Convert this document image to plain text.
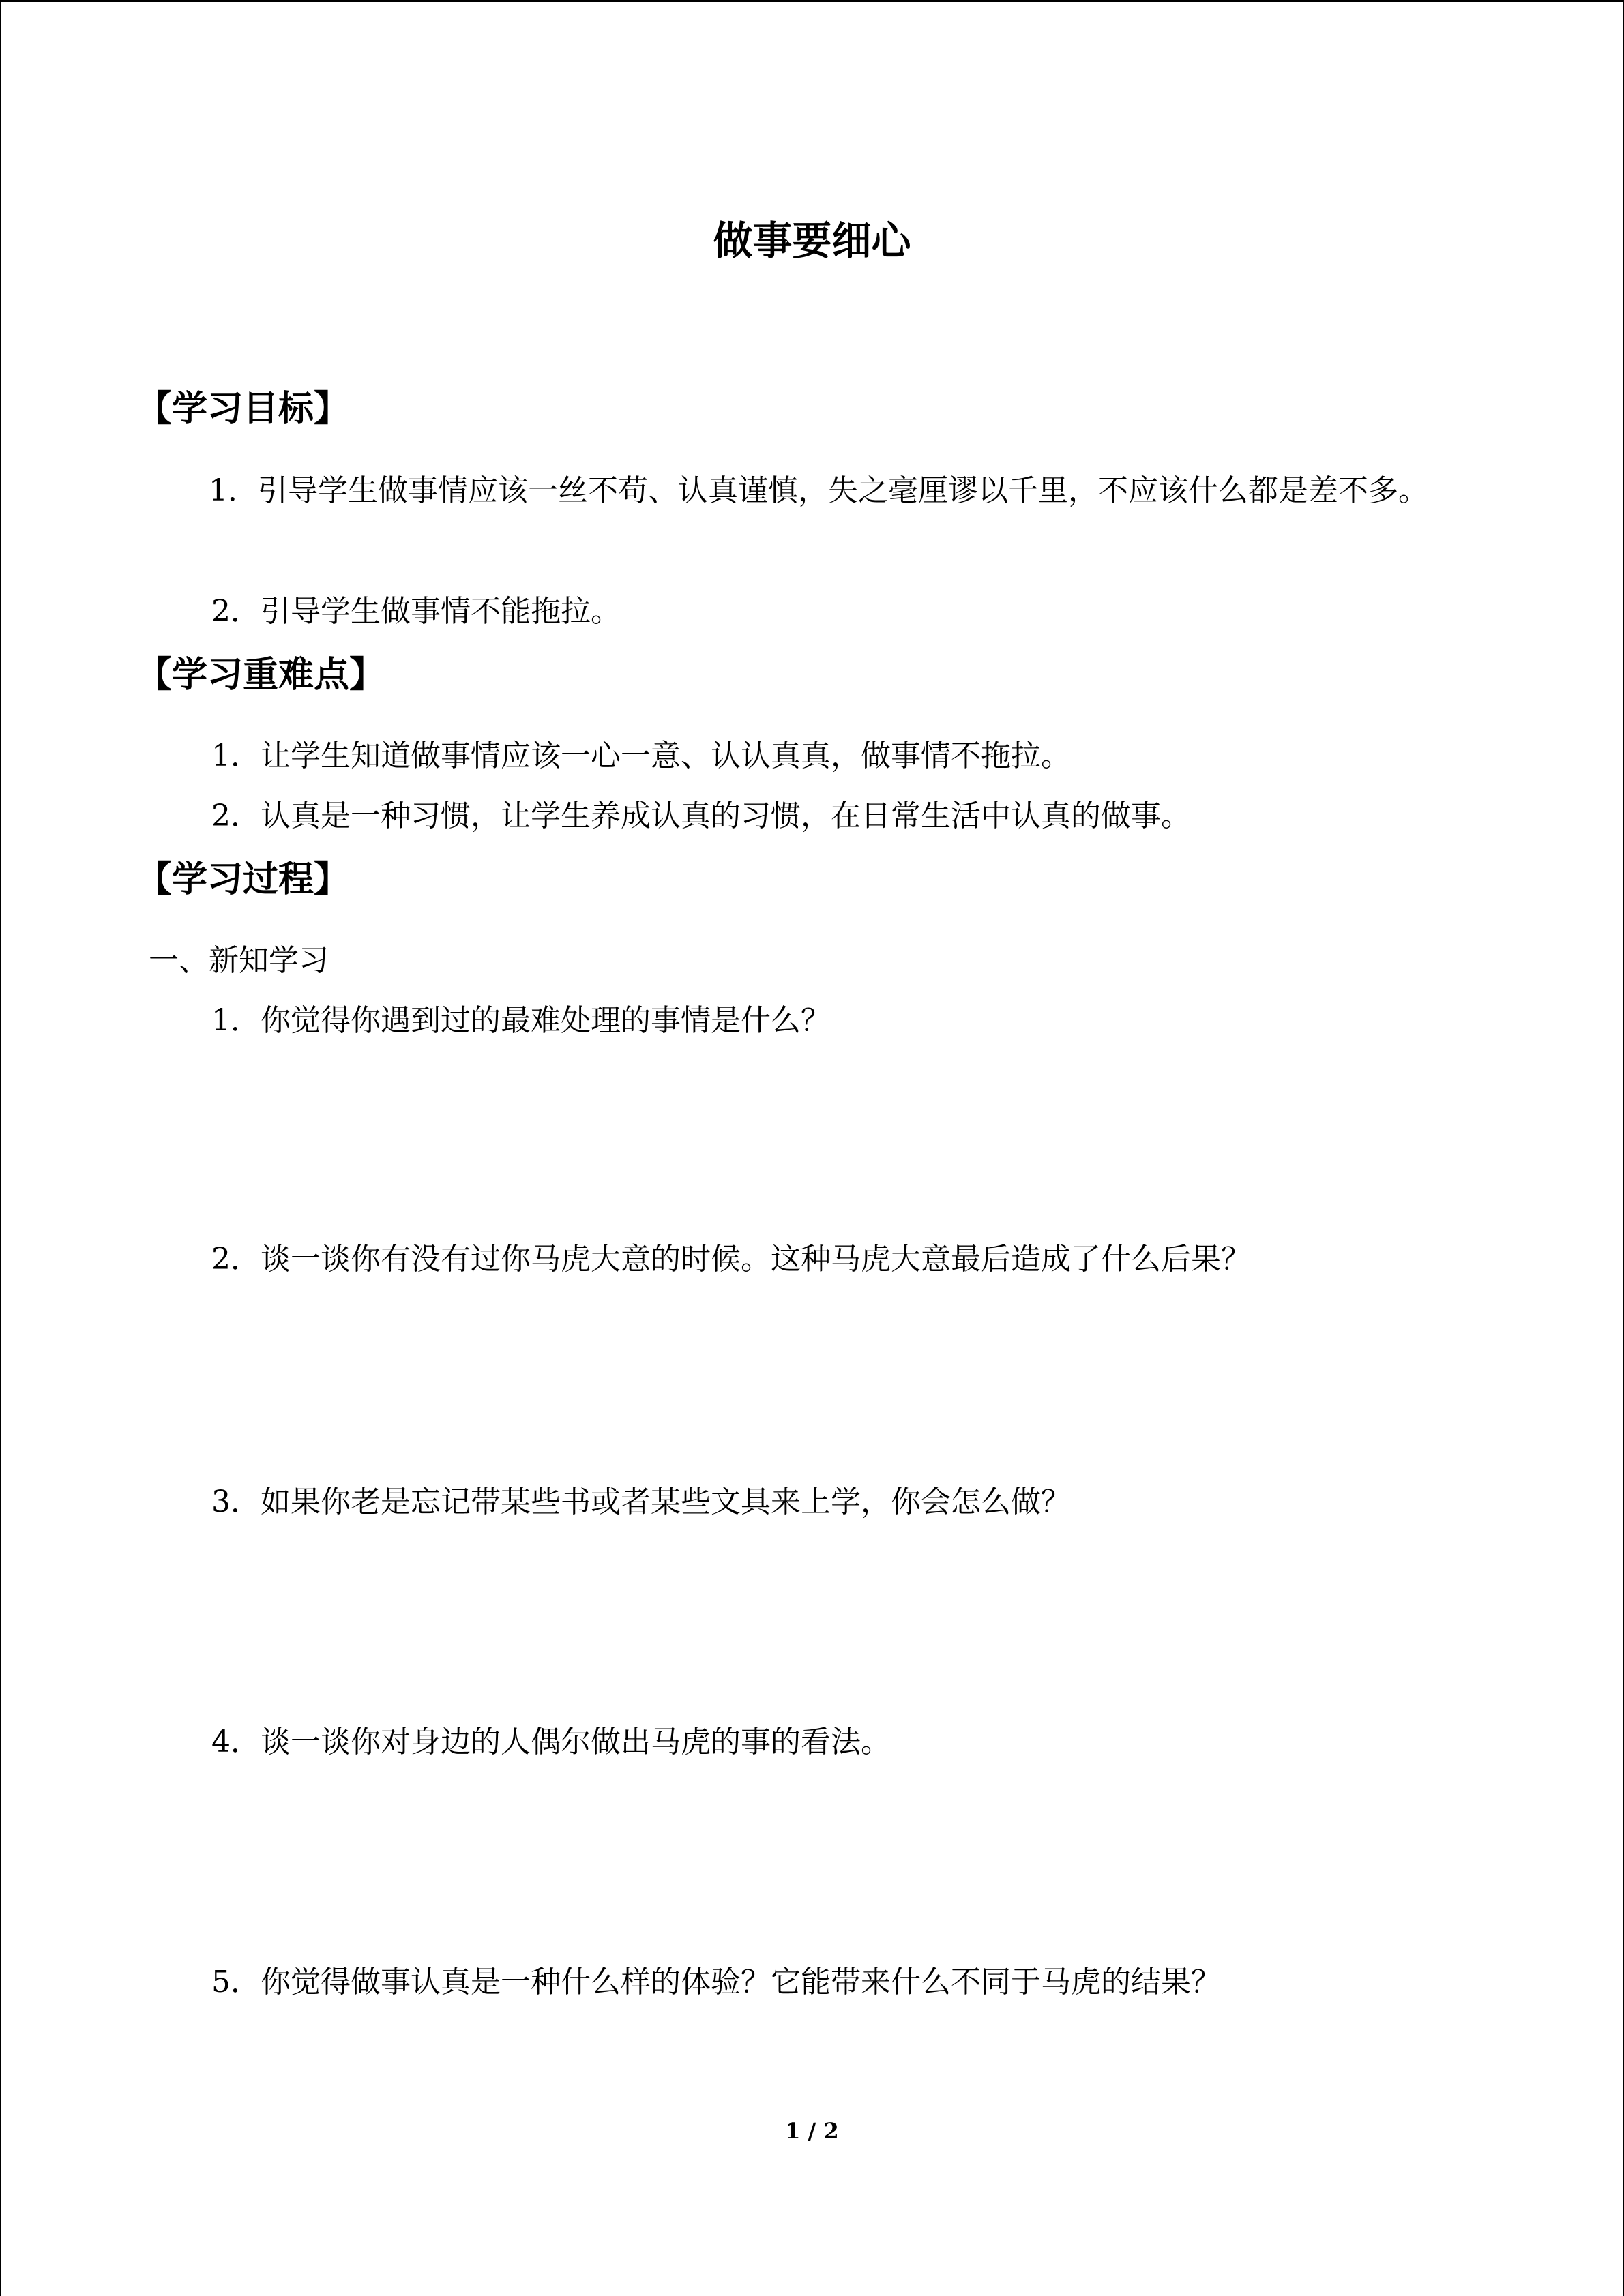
做事要细心
【学习目标】
1．引导学生做事情应该一丝不苟、认真谨慎，失之毫厘谬以千里，不应该什么都是差不多。
2．引导学生做事情不能拖拉。
【学习重难点】
1．让学生知道做事情应该一心一意、认认真真，做事情不拖拉。
2．认真是一种习惯，让学生养成认真的习惯，在日常生活中认真的做事。
【学习过程】
一、新知学习
1．你觉得你遇到过的最难处理的事情是什么？
2．谈一谈你有没有过你马虎大意的时候。这种马虎大意最后造成了什么后果？
3．如果你老是忘记带某些书或者某些文具来上学，你会怎么做？
4．谈一谈你对身边的人偶尔做出马虎的事的看法。
5．你觉得做事认真是一种什么样的体验？它能带来什么不同于马虎的结果？
1 / 2
